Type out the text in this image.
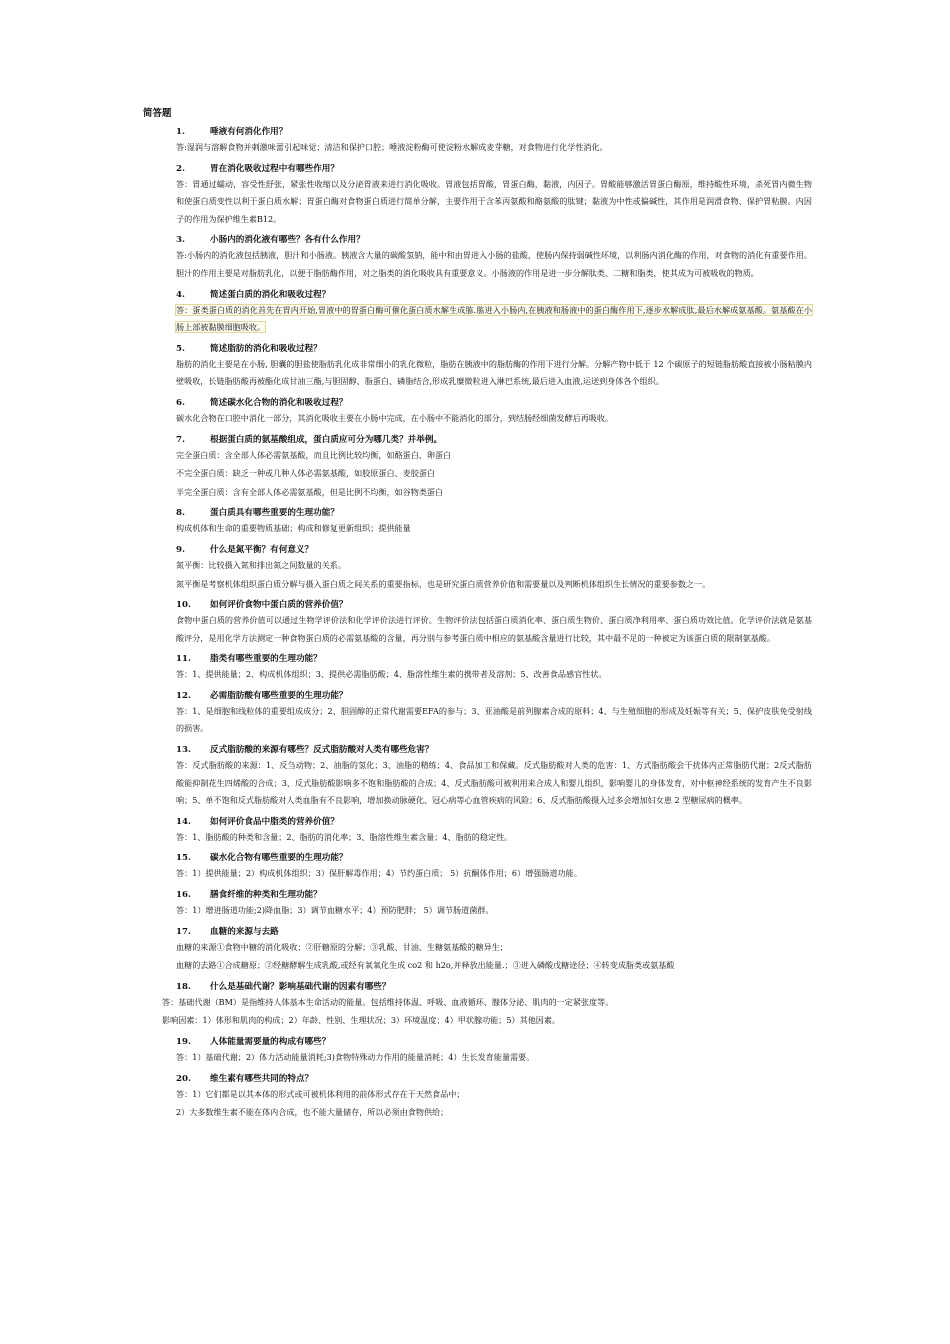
简答题
1.	唾液有何消化作用？
答:湿润与溶解食物并刺激味蕾引起味觉；清洁和保护口腔；唾液淀粉酶可使淀粉水解成麦芽糖，对食物进行化学性消化。
2.	胃在消化吸收过程中有哪些作用？
答：胃通过蠕动，容受性舒张，紧张性收缩以及分泌胃液来进行消化吸收。胃液包括胃酸，胃蛋白酶，黏液，内因子。胃酸能够激活胃蛋白酶原，维持酸性环境，杀死胃内微生物和使蛋白质变性以利于蛋白质水解；胃蛋白酶对食物蛋白质进行简单分解，主要作用于含苯丙氨酸和酪氨酸的肽键；黏液为中性或偏碱性，其作用是润滑食物、保护胃粘膜。内因子的作用为保护维生素B12。
3.	小肠内的消化液有哪些？各有什么作用？
答:小肠内的消化液包括胰液，胆汁和小肠液。胰液含大量的碳酸氢钠，能中和由胃进入小肠的盐酸，使肠内保持弱碱性环境，以利肠内消化酶的作用，对食物的消化有重要作用。胆汁的作用主要是对脂肪乳化，以便于脂肪酶作用，对之脂类的消化吸收具有重要意义。小肠液的作用是进一步分解肽类、二糖和脂类，使其成为可被吸收的物质。
4.	简述蛋白质的消化和吸收过程？
答：蛋类蛋白质的消化首先在胃内开始,胃液中的胃蛋白酶可催化蛋白质水解生成胨.胨进入小肠内,在胰液和肠液中的蛋白酶作用下,逐步水解成肽,最后水解成氨基酸。氨基酸在小肠上部被黏膜细胞吸收。
5.	简述脂肪的消化和吸收过程？
脂肪的消化主要是在小肠, 胆囊的胆盐使脂肪乳化成非常细小的乳化微粒，脂肪在胰液中的脂肪酶的作用下进行分解。分解产物中低于 12 个碳原子的短链脂肪酸直接被小肠粘膜内壁吸收，长链脂肪酸再被酯化成甘油三酯,与胆固醇、脂蛋白、磷脂结合,形成乳糜微粒进入淋巴系统,最后进入血液,运送到身体各个组织。
6.	简述碳水化合物的消化和吸收过程？
碳水化合物在口腔中消化一部分，其消化吸收主要在小肠中完成，在小肠中不能消化的部分，到结肠经细菌发酵后再吸收。
7.	根据蛋白质的氨基酸组成，蛋白质应可分为哪几类？并举例。
完全蛋白质：含全部人体必需氨基酸，而且比例比较均衡，如酪蛋白、卵蛋白
不完全蛋白质：缺乏一种或几种人体必需氨基酸，如胶原蛋白、麦胶蛋白
半完全蛋白质：含有全部人体必需氨基酸，但是比例不均衡，如谷物类蛋白
8.	蛋白质具有哪些重要的生理功能？
构成机体和生命的重要物质基础；构成和修复更新组织；提供能量
9.	什么是氮平衡？有何意义？
氮平衡：比较摄入氮和排出氮之间数量的关系。
氮平衡是考察机体组织蛋白质分解与摄入蛋白质之间关系的重要指标，也是研究蛋白质营养价值和需要量以及判断机体组织生长情况的重要参数之一。
10.	如何评价食物中蛋白质的营养价值？
食物中蛋白质的营养价值可以通过生物学评价法和化学评价法进行评价。生物评价法包括蛋白质消化率、蛋白质生物价、蛋白质净利用率、蛋白质功效比值。化学评价法就是氨基酸评分，是用化学方法测定一种食物蛋白质的必需氨基酸的含量，再分别与参考蛋白质中相应的氨基酸含量进行比较，其中最不足的一种被定为该蛋白质的限制氨基酸。
11.	脂类有哪些重要的生理功能？
答：1、提供能量；2、构成机体组织；3、提供必需脂肪酸；4、脂溶性维生素的携带者及溶剂；5、改善食品感官性状。
12.	必需脂肪酸有哪些重要的生理功能？
答：1、是细胞和线粒体的重要组成成分；2、胆固醇的正常代谢需要EFA的参与；3、亚油酸是前列腺素合成的原料；4、与生殖细胞的形成及妊娠等有关；5、保护皮肤免受射线的损害。
13.	反式脂肪酸的来源有哪些？反式脂肪酸对人类有哪些危害？
答：反式脂肪酸的来源：1、反刍动物；2、油脂的氢化；3、油脂的精练；4、食品加工和保藏。反式脂肪酸对人类的危害：1、方式脂肪酸会干扰体内正常脂肪代谢；2反式脂肪酸能抑制花生四烯酸的合成；3、反式脂肪酸影响多不饱和脂肪酸的合成；4、反式脂肪酸可被利用来合成人和婴儿组织，影响婴儿的身体发育，对中枢神经系统的发育产生不良影响；5、单不饱和反式脂肪酸对人类血脂有不良影响，增加换动脉硬化、冠心病等心血管疾病的风险；6、反式脂肪酸摄入过多会增加妇女患 2 型糖尿病的概率。
14.	如何评价食品中脂类的营养价值？
答：1、脂肪酸的种类和含量；2、脂肪的消化率；3、脂溶性维生素含量；4、脂肪的稳定性。
15.	碳水化合物有哪些重要的生理功能？
答：1）提供能量；2）构成机体组织；3）保肝解毒作用；4）节约蛋白质； 5）抗酮体作用；6）增强肠道功能。
16.	膳食纤维的种类和生理功能？
答：1）增进肠道功能;2)降血脂；3）调节血糖水平；4）预防肥胖； 5）调节肠道菌群。
17.	血糖的来源与去路
血糖的来源①食物中糖的消化吸收；②肝糖原的分解；③乳酸、甘油、生糖氨基酸的糖异生；
血糖的去路①合成糖原；②经糖酵解生成乳酸,或经有氧氧化生成 co2 和 h2o,并释放出能量.；③进入磷酸戊糖途径；④转变成脂类或氨基酸
18.	什么是基础代谢？影响基础代谢的因素有哪些？
答：基础代谢（BM）是指维持人体基本生命活动的能量。包括维持体温、呼吸、血液循环、腺体分泌、肌肉的一定紧张度等。
影响因素：1）体形和肌肉的构成；2）年龄、性别、生理状况；3）环境温度；4）甲状腺功能；5）其他因素。
19.	人体能量需要量的构成有哪些？
答：1）基础代谢；2）体力活动能量消耗;3)食物特殊动力作用的能量消耗；4）生长发育能量需要。
20.	维生素有哪些共同的特点？
答：1）它们都是以其本体的形式或可被机体利用的前体形式存在于天然食品中；
2）大多数维生素不能在体内合成，也不能大量储存，所以必须由食物供给；
